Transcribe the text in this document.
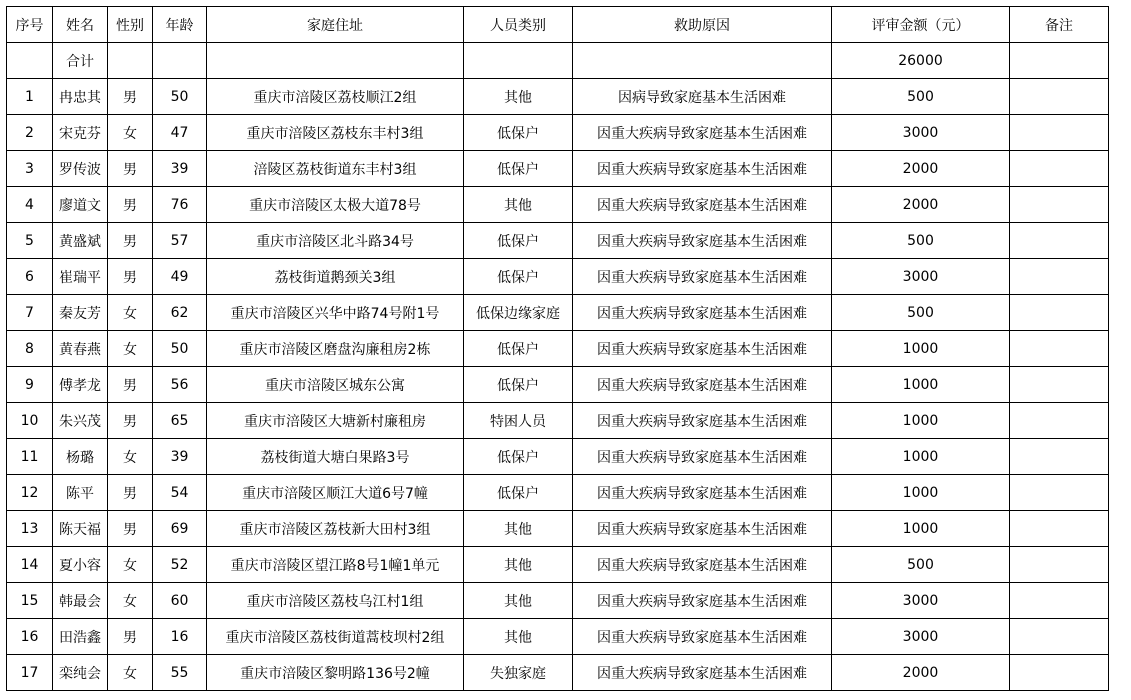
序号	姓名	性别	年龄	家庭住址	人员类别	救助原因	评审金额（元）	备注
	合计						26000	
1	冉忠其	男	50	重庆市涪陵区荔枝顺江2组	其他	因病导致家庭基本生活困难	500	
2	宋克芬	女	47	重庆市涪陵区荔枝东丰村3组	低保户	因重大疾病导致家庭基本生活困难	3000	
3	罗传波	男	39	涪陵区荔枝街道东丰村3组	低保户	因重大疾病导致家庭基本生活困难	2000	
4	廖道文	男	76	重庆市涪陵区太极大道78号	其他	因重大疾病导致家庭基本生活困难	2000	
5	黄盛斌	男	57	重庆市涪陵区北斗路34号	低保户	因重大疾病导致家庭基本生活困难	500	
6	崔瑞平	男	49	荔枝街道鹅颈关3组	低保户	因重大疾病导致家庭基本生活困难	3000	
7	秦友芳	女	62	重庆市涪陵区兴华中路74号附1号	低保边缘家庭	因重大疾病导致家庭基本生活困难	500	
8	黄春燕	女	50	重庆市涪陵区磨盘沟廉租房2栋	低保户	因重大疾病导致家庭基本生活困难	1000	
9	傅孝龙	男	56	重庆市涪陵区城东公寓	低保户	因重大疾病导致家庭基本生活困难	1000	
10	朱兴茂	男	65	重庆市涪陵区大塘新村廉租房	特困人员	因重大疾病导致家庭基本生活困难	1000	
11	杨璐	女	39	荔枝街道大塘白果路3号	低保户	因重大疾病导致家庭基本生活困难	1000	
12	陈平	男	54	重庆市涪陵区顺江大道6号7幢	低保户	因重大疾病导致家庭基本生活困难	1000	
13	陈天福	男	69	重庆市涪陵区荔枝新大田村3组	其他	因重大疾病导致家庭基本生活困难	1000	
14	夏小容	女	52	重庆市涪陵区望江路8号1幢1单元	其他	因重大疾病导致家庭基本生活困难	500	
15	韩最会	女	60	重庆市涪陵区荔枝乌江村1组	其他	因重大疾病导致家庭基本生活困难	3000	
16	田浩鑫	男	16	重庆市涪陵区荔枝街道蒿枝坝村2组	其他	因重大疾病导致家庭基本生活困难	3000	
17	栾纯会	女	55	重庆市涪陵区黎明路136号2幢	失独家庭	因重大疾病导致家庭基本生活困难	2000	
